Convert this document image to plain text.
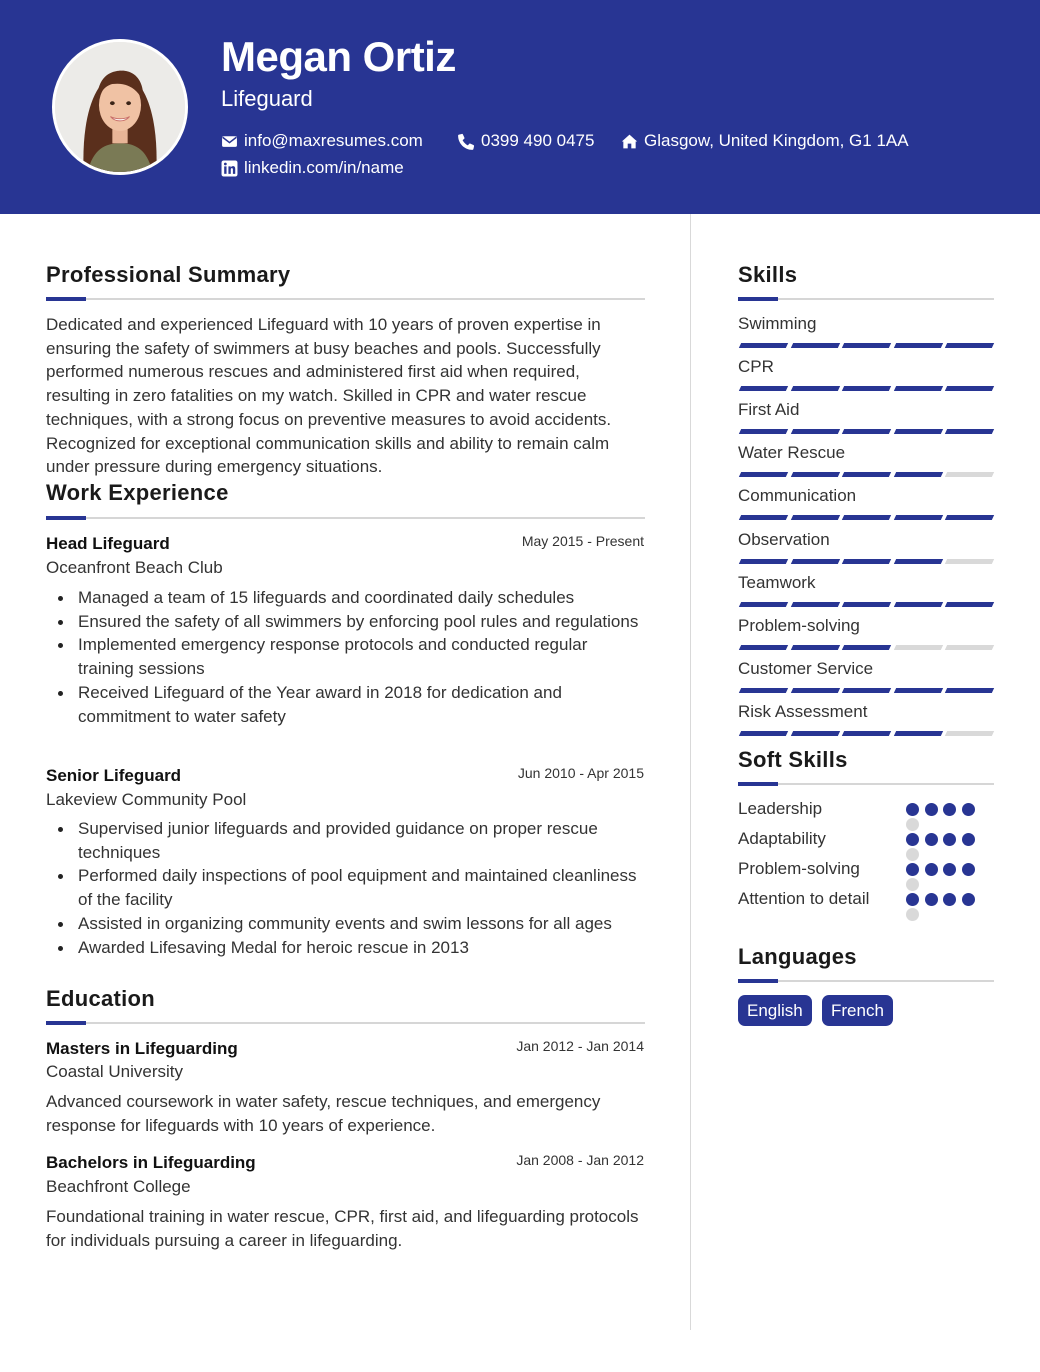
Megan Ortiz
Lifeguard
info@maxresumes.com	0399 490 0475	Glasgow, United Kingdom, G1 1AA
linkedin.com/in/name
Professional Summary
Dedicated and experienced Lifeguard with 10 years of proven expertise in ensuring the safety of swimmers at busy beaches and pools. Successfully performed numerous rescues and administered first aid when required, resulting in zero fatalities on my watch. Skilled in CPR and water rescue techniques, with a strong focus on preventive measures to avoid accidents. Recognized for exceptional communication skills and ability to remain calm under pressure during emergency situations.
Work Experience
Head Lifeguard	May 2015 - Present
Oceanfront Beach Club
Managed a team of 15 lifeguards and coordinated daily schedules
Ensured the safety of all swimmers by enforcing pool rules and regulations
Implemented emergency response protocols and conducted regular training sessions
Received Lifeguard of the Year award in 2018 for dedication and commitment to water safety
Senior Lifeguard	Jun 2010 - Apr 2015
Lakeview Community Pool
Supervised junior lifeguards and provided guidance on proper rescue techniques
Performed daily inspections of pool equipment and maintained cleanliness of the facility
Assisted in organizing community events and swim lessons for all ages
Awarded Lifesaving Medal for heroic rescue in 2013
Education
Masters in Lifeguarding	Jan 2012 - Jan 2014
Coastal University
Advanced coursework in water safety, rescue techniques, and emergency response for lifeguards with 10 years of experience.
Bachelors in Lifeguarding	Jan 2008 - Jan 2012
Beachfront College
Foundational training in water rescue, CPR, first aid, and lifeguarding protocols for individuals pursuing a career in lifeguarding.
Skills
Swimming
CPR
First Aid
Water Rescue
Communication
Observation
Teamwork
Problem-solving
Customer Service
Risk Assessment
Soft Skills
Leadership
Adaptability
Problem-solving
Attention to detail
Languages
English	French
